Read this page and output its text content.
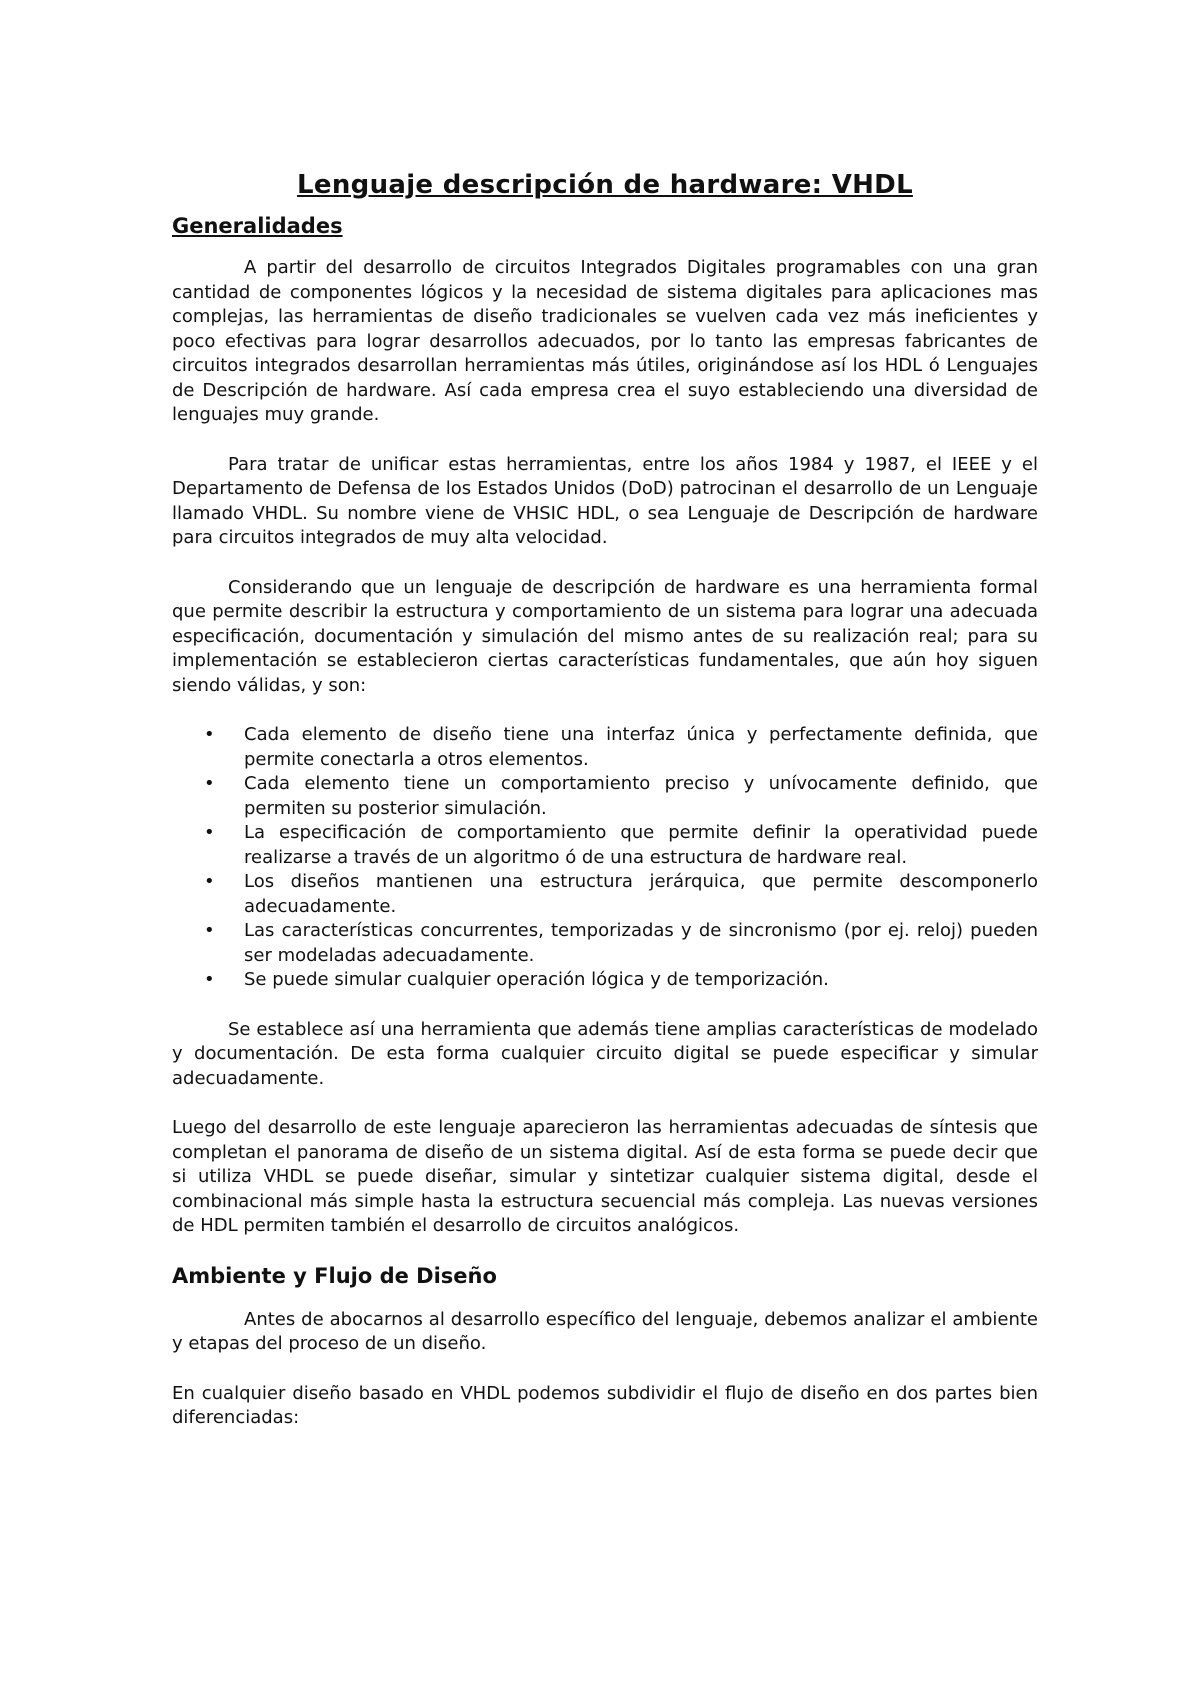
Lenguaje descripción de hardware: VHDL
Generalidades

A partir del desarrollo de circuitos Integrados Digitales programables con una gran cantidad de componentes lógicos y la necesidad de sistema digitales para aplicaciones mas complejas, las herramientas de diseño tradicionales se vuelven cada vez más ineficientes y poco efectivas para lograr desarrollos adecuados, por lo tanto las empresas fabricantes de circuitos integrados desarrollan herramientas más útiles, originándose así los HDL ó Lenguajes de Descripción de hardware. Así cada empresa crea el suyo estableciendo una diversidad de lenguajes muy grande.

Para tratar de unificar estas herramientas, entre los años 1984 y 1987, el IEEE y el Departamento de Defensa de los Estados Unidos (DoD) patrocinan el desarrollo de un Lenguaje llamado VHDL. Su nombre viene de VHSIC HDL, o sea Lenguaje de Descripción de hardware para circuitos integrados de muy alta velocidad.

Considerando que un lenguaje de descripción de hardware es una herramienta formal que permite describir la estructura y comportamiento de un sistema para lograr una adecuada especificación, documentación y simulación del mismo antes de su realización real; para su implementación se establecieron ciertas características fundamentales, que aún hoy siguen siendo válidas, y son:

• Cada elemento de diseño tiene una interfaz única y perfectamente definida, que permite conectarla a otros elementos.
• Cada elemento tiene un comportamiento preciso y unívocamente definido, que permiten su posterior simulación.
• La especificación de comportamiento que permite definir la operatividad puede realizarse a través de un algoritmo ó de una estructura de hardware real.
• Los diseños mantienen una estructura jerárquica, que permite descomponerlo adecuadamente.
• Las características concurrentes, temporizadas y de sincronismo (por ej. reloj) pueden ser modeladas adecuadamente.
• Se puede simular cualquier operación lógica y de temporización.

Se establece así una herramienta que además tiene amplias características de modelado y documentación. De esta forma cualquier circuito digital se puede especificar y simular adecuadamente.

Luego del desarrollo de este lenguaje aparecieron las herramientas adecuadas de síntesis que completan el panorama de diseño de un sistema digital. Así de esta forma se puede decir que si utiliza VHDL se puede diseñar, simular y sintetizar cualquier sistema digital, desde el combinacional más simple hasta la estructura secuencial más compleja. Las nuevas versiones de HDL permiten también el desarrollo de circuitos analógicos.

Ambiente y Flujo de Diseño

Antes de abocarnos al desarrollo específico del lenguaje, debemos analizar el ambiente y etapas del proceso de un diseño.

En cualquier diseño basado en VHDL podemos subdividir el flujo de diseño en dos partes bien diferenciadas:
